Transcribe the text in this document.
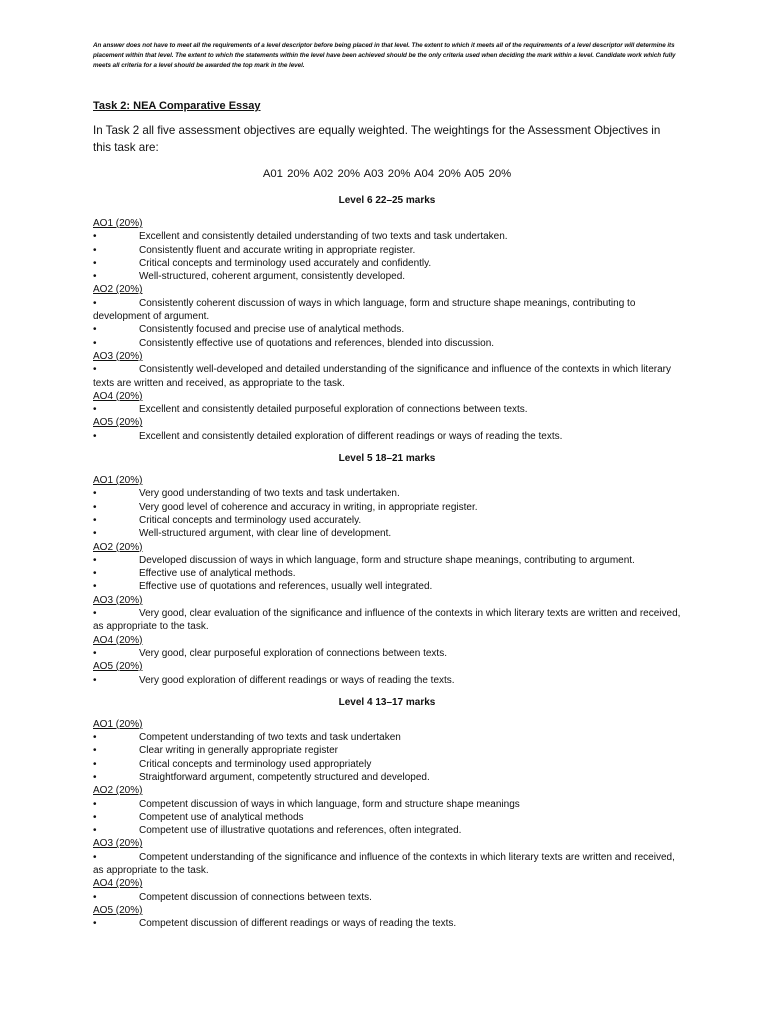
An answer does not have to meet all the requirements of a level descriptor before being placed in that level. The extent to which it meets all of the requirements of a level descriptor will determine its placement within that level. The extent to which the statements within the level have been achieved should be the only criteria used when deciding the mark within a level. Candidate work which fully meets all criteria for a level should be awarded the top mark in the level.

Task 2: NEA Comparative Essay

In Task 2 all five assessment objectives are equally weighted. The weightings for the Assessment Objectives in this task are:

A01 20% A02 20% A03 20% A04 20% A05 20%

Level 6 22–25 marks

AO1 (20%)

• Excellent and consistently detailed understanding of two texts and task undertaken.
• Consistently fluent and accurate writing in appropriate register.
• Critical concepts and terminology used accurately and confidently.
• Well-structured, coherent argument, consistently developed.

AO2 (20%)

• Consistently coherent discussion of ways in which language, form and structure shape meanings, contributing to development of argument.
• Consistently focused and precise use of analytical methods.
• Consistently effective use of quotations and references, blended into discussion.

AO3 (20%)

• Consistently well-developed and detailed understanding of the significance and influence of the contexts in which literary texts are written and received, as appropriate to the task.

AO4 (20%)

• Excellent and consistently detailed purposeful exploration of connections between texts.

AO5 (20%)

• Excellent and consistently detailed exploration of different readings or ways of reading the texts.

Level 5 18–21 marks

AO1 (20%)

• Very good understanding of two texts and task undertaken.
• Very good level of coherence and accuracy in writing, in appropriate register.
• Critical concepts and terminology used accurately.
• Well-structured argument, with clear line of development.

AO2 (20%)

• Developed discussion of ways in which language, form and structure shape meanings, contributing to argument.
• Effective use of analytical methods.
• Effective use of quotations and references, usually well integrated.

AO3 (20%)

• Very good, clear evaluation of the significance and influence of the contexts in which literary texts are written and received, as appropriate to the task.

AO4 (20%)

• Very good, clear purposeful exploration of connections between texts.

AO5 (20%)

• Very good exploration of different readings or ways of reading the texts.

Level 4 13–17 marks

AO1 (20%)

• Competent understanding of two texts and task undertaken
• Clear writing in generally appropriate register
• Critical concepts and terminology used appropriately
• Straightforward argument, competently structured and developed.

AO2 (20%)

• Competent discussion of ways in which language, form and structure shape meanings
• Competent use of analytical methods
• Competent use of illustrative quotations and references, often integrated.

AO3 (20%)

• Competent understanding of the significance and influence of the contexts in which literary texts are written and received, as appropriate to the task.

AO4 (20%)

• Competent discussion of connections between texts.

AO5 (20%)

• Competent discussion of different readings or ways of reading the texts.
